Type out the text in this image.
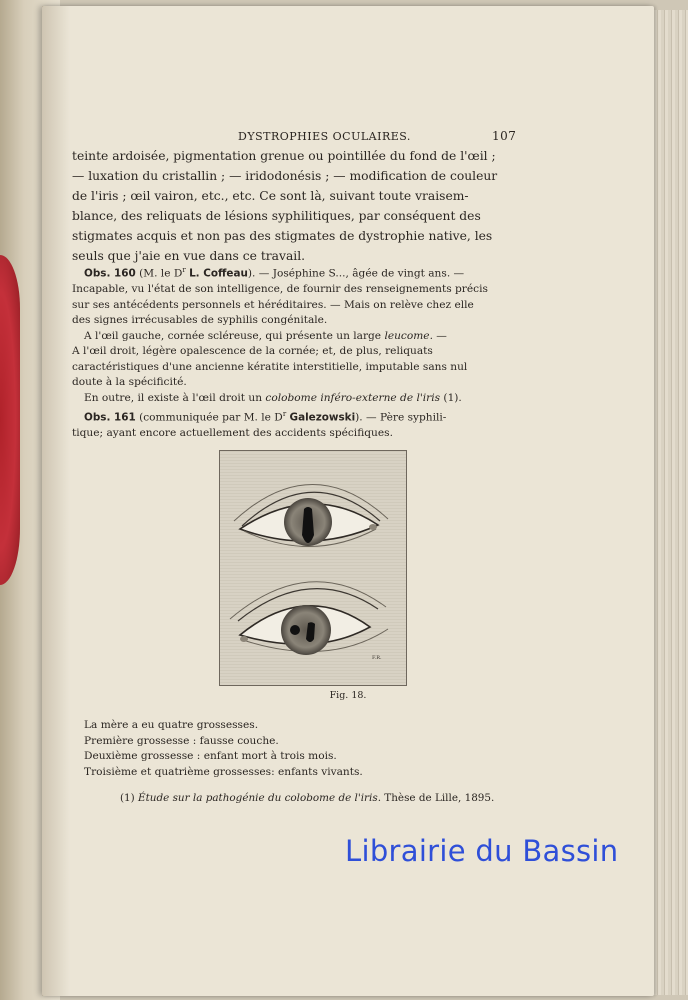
DYSTROPHIES OCULAIRES.	107
teinte ardoisée, pigmentation grenue ou pointillée du fond de l'œil ;
— luxation du cristallin ; — iridodonésis ; — modification de couleur
de l'iris ; œil vairon, etc., etc. Ce sont là, suivant toute vraisem-
blance, des reliquats de lésions syphilitiques, par conséquent des
stigmates acquis et non pas des stigmates de dystrophie native, les
seuls que j'aie en vue dans ce travail.
Obs. 160 (M. le $D^r$ L. Coffeau). — Joséphine S..., âgée de vingt ans. —
Incapable, vu l'état de son intelligence, de fournir des renseignements précis
sur ses antécédents personnels et héréditaires. — Mais on relève chez elle
des signes irrécusables de syphilis congénitale.
A l'œil gauche, cornée scléreuse, qui présente un large leucome. —
A l'œil droit, légère opalescence de la cornée; et, de plus, reliquats
caractéristiques d'une ancienne kératite interstitielle, imputable sans nul
doute à la spécificité.
En outre, il existe à l'œil droit un colobome inféro-externe de l'iris (1).
Obs. 161 (communiquée par M. le $D^r$ Galezowski). — Père syphili-
tique; ayant encore actuellement des accidents spécifiques.
F.R.
Fig. 18.
La mère a eu quatre grossesses.
Première grossesse : fausse couche.
Deuxième grossesse : enfant mort à trois mois.
Troisième et quatrième grossesses: enfants vivants.
(1) Étude sur la pathogénie du colobome de l'iris. Thèse de Lille, 1895.
Librairie du Bassin
